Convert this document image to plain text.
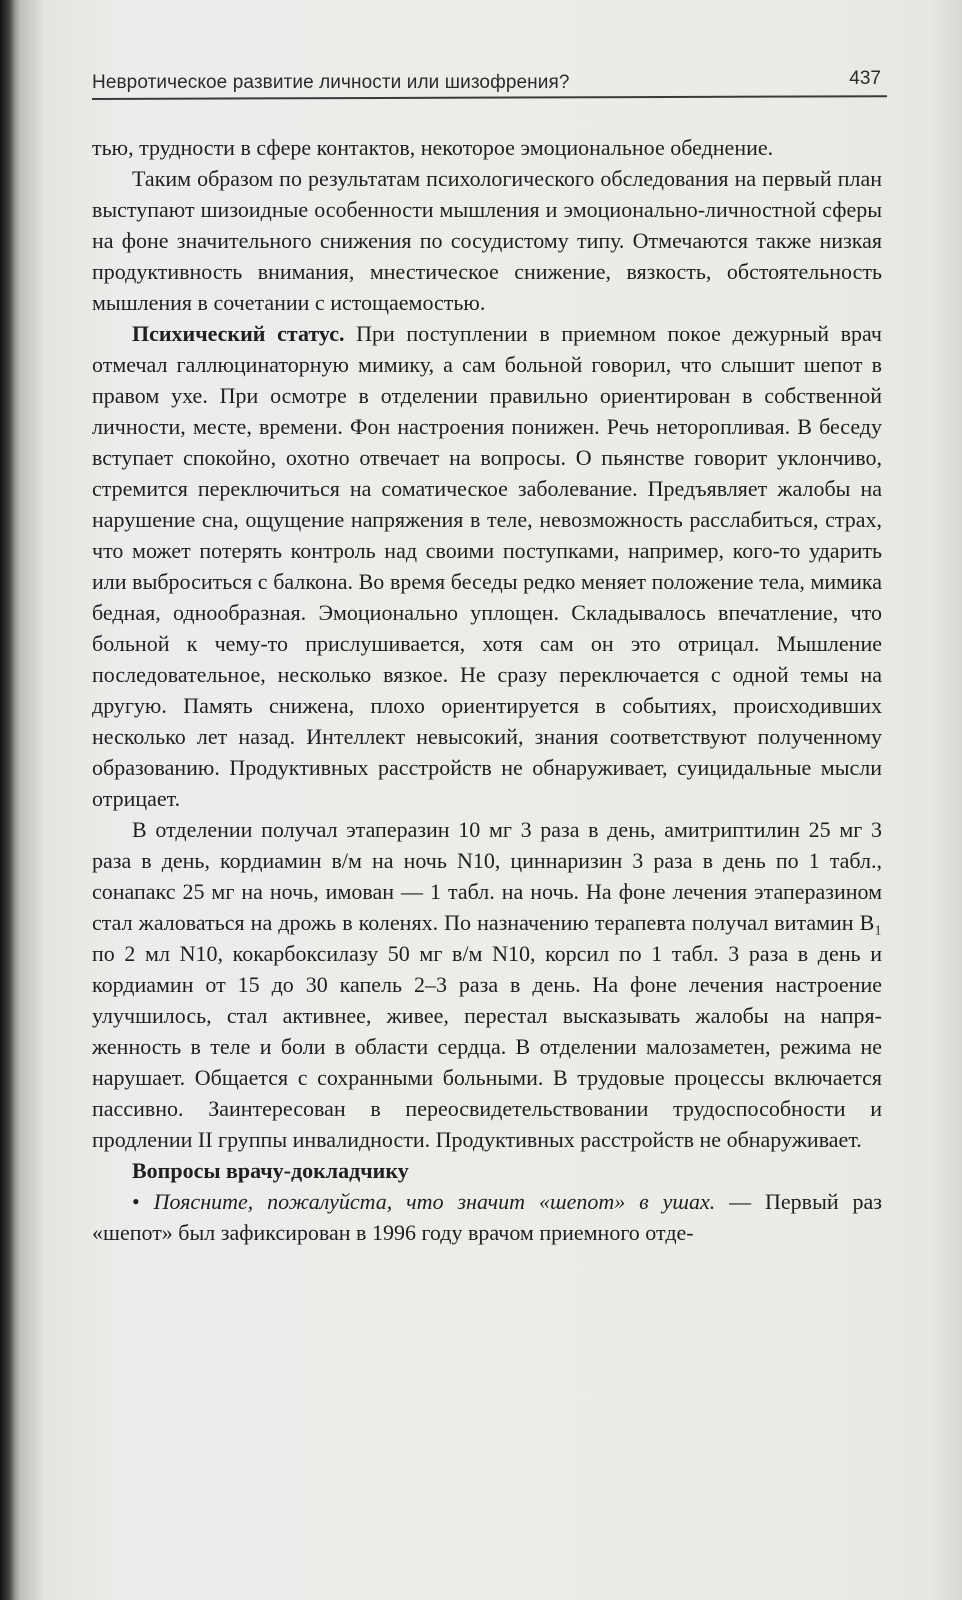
Невротическое развитие личности или шизофрения?	437

тью, трудности в сфере контактов, некоторое эмоциональное обеднение.

Таким образом по результатам психологического обследования на первый план выступают шизоидные особенности мышления и эмоционально-личностной сферы на фоне значительного снижения по сосудистому типу. Отмечаются также низкая продуктивность внимания, мнестическое снижение, вязкость, обстоятельность мышления в сочетании с истощаемостью.

Психический статус. При поступлении в приемном покое дежурный врач отмечал галлюцинаторную мимику, а сам больной говорил, что слышит шепот в правом ухе. При осмотре в отделении правильно ориентирован в собственной личности, месте, времени. Фон настроения понижен. Речь неторопливая. В беседу вступает спокойно, охотно отвечает на вопросы. О пьянстве говорит уклончиво, стремится переключиться на соматическое заболевание. Предъявляет жалобы на нарушение сна, ощущение напряжения в теле, невозможность расслабиться, страх, что может потерять контроль над своими поступками, например, кого-то ударить или выброситься с балкона. Во время беседы редко меняет положение тела, мимика бедная, однообразная. Эмоционально уплощен. Складывалось впечатление, что больной к чему-то прислушивается, хотя сам он это отрицал. Мышление последовательное, несколько вязкое. Не сразу переключается с одной темы на другую. Память снижена, плохо ориентируется в событиях, происходивших несколько лет назад. Интеллект невысокий, знания соответствуют полученному образованию. Продуктивных расстройств не обнаруживает, суицидальные мысли отрицает.

В отделении получал этаперазин 10 мг 3 раза в день, амитриптилин 25 мг 3 раза в день, кордиамин в/м на ночь N10, циннаризин 3 раза в день по 1 табл., сонапакс 25 мг на ночь, имован — 1 табл. на ночь. На фоне лечения этаперазином стал жаловаться на дрожь в коленях. По назначению терапевта получал витамин B₁ по 2 мл N10, кокарбоксилазу 50 мг в/м N10, корсил по 1 табл. 3 раза в день и кордиамин от 15 до 30 капель 2–3 раза в день. На фоне лечения настроение улучшилось, стал активнее, живее, перестал высказывать жалобы на напряженность в теле и боли в области сердца. В отделении малозаметен, режима не нарушает. Общается с сохранными больными. В трудовые процессы включается пассивно. Заинтересован в переосвидетельствовании трудоспособности и продлении II группы инвалидности. Продуктивных расстройств не обнаруживает.

Вопросы врачу-докладчику

• Поясните, пожалуйста, что значит «шепот» в ушах. — Первый раз «шепот» был зафиксирован в 1996 году врачом приемного отде-
